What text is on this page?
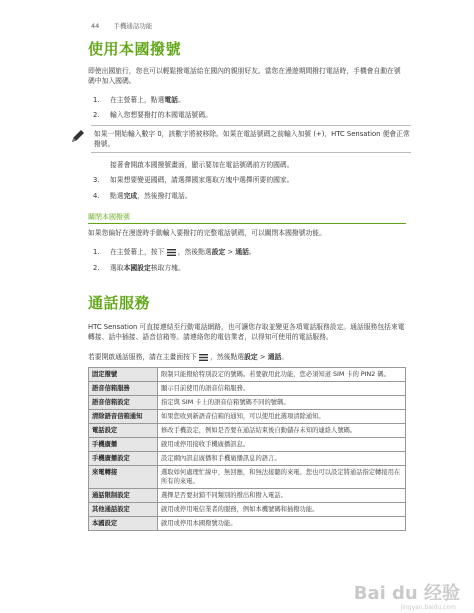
44 手機通話功能
使用本國撥號
即使出國旅行，您也可以輕鬆撥電話給在國內的親朋好友。當您在漫遊期間撥打電話時，手機會自動在號碼中加入國碼。
1. 在主螢幕上，點選電話。
2. 輸入您想要撥打的本國電話號碼。
如果一開始輸入數字 0，該數字將被移除。如果在電話號碼之前輸入加號 (+)，HTC Sensation 便會正常撥號。
接著會開啟本國撥號畫面，顯示要加在電話號碼前方的國碼。
3. 如果想要變更國碼，請選擇國家選取方塊中選擇所要的國家。
4. 點選完成，然後撥打電話。
關閉本國撥號
如果您偏好在漫遊時手動輸入要撥打的完整電話號碼，可以關閉本國撥號功能。
1. 在主螢幕上，按下 ，然後點選設定 > 通話。
2. 選取本國設定核取方塊。
通話服務
HTC Sensation 可直接連結至行動電話網路，也可讓您存取並變更各項電話服務設定。通話服務包括來電轉接、話中插接、語音信箱等。請連絡您的電信業者，以得知可使用的電話服務。
若要開啟通話服務，請在主畫面按下 ，然後點選設定 > 通話。
固定撥號	限制只能撥給特別設定的號碼。若要啟用此功能，您必須知道 SIM 卡的 PIN2 碼。
語音信箱服務	顯示目前使用的語音信箱服務。
語音信箱設定	指定與 SIM 卡上的語音信箱號碼不同的號碼。
清除語音信箱通知	如果您收到新語音信箱的通知，可以使用此選項清除通知。
電話設定	修改手機設定，例如是否要在通話結束後自動儲存未知的連絡人號碼。
手機廣播	啟用或停用接收手機廣播訊息。
手機廣播設定	設定網內訊息廣播和手機廣播訊息的語言。
來電轉接	選取如何處理忙線中、無回應，和無法接聽的來電。您也可以設定將通話指定轉接用在所有的來電。
通話限制設定	選擇是否要封鎖不同類別的撥出和撥入電話。
其他通話設定	啟用或停用電信業者的服務，例如本機號碼和插撥功能。
本國設定	啟用或停用本國撥號功能。
Bai du 经验
jingyan.baidu.com
